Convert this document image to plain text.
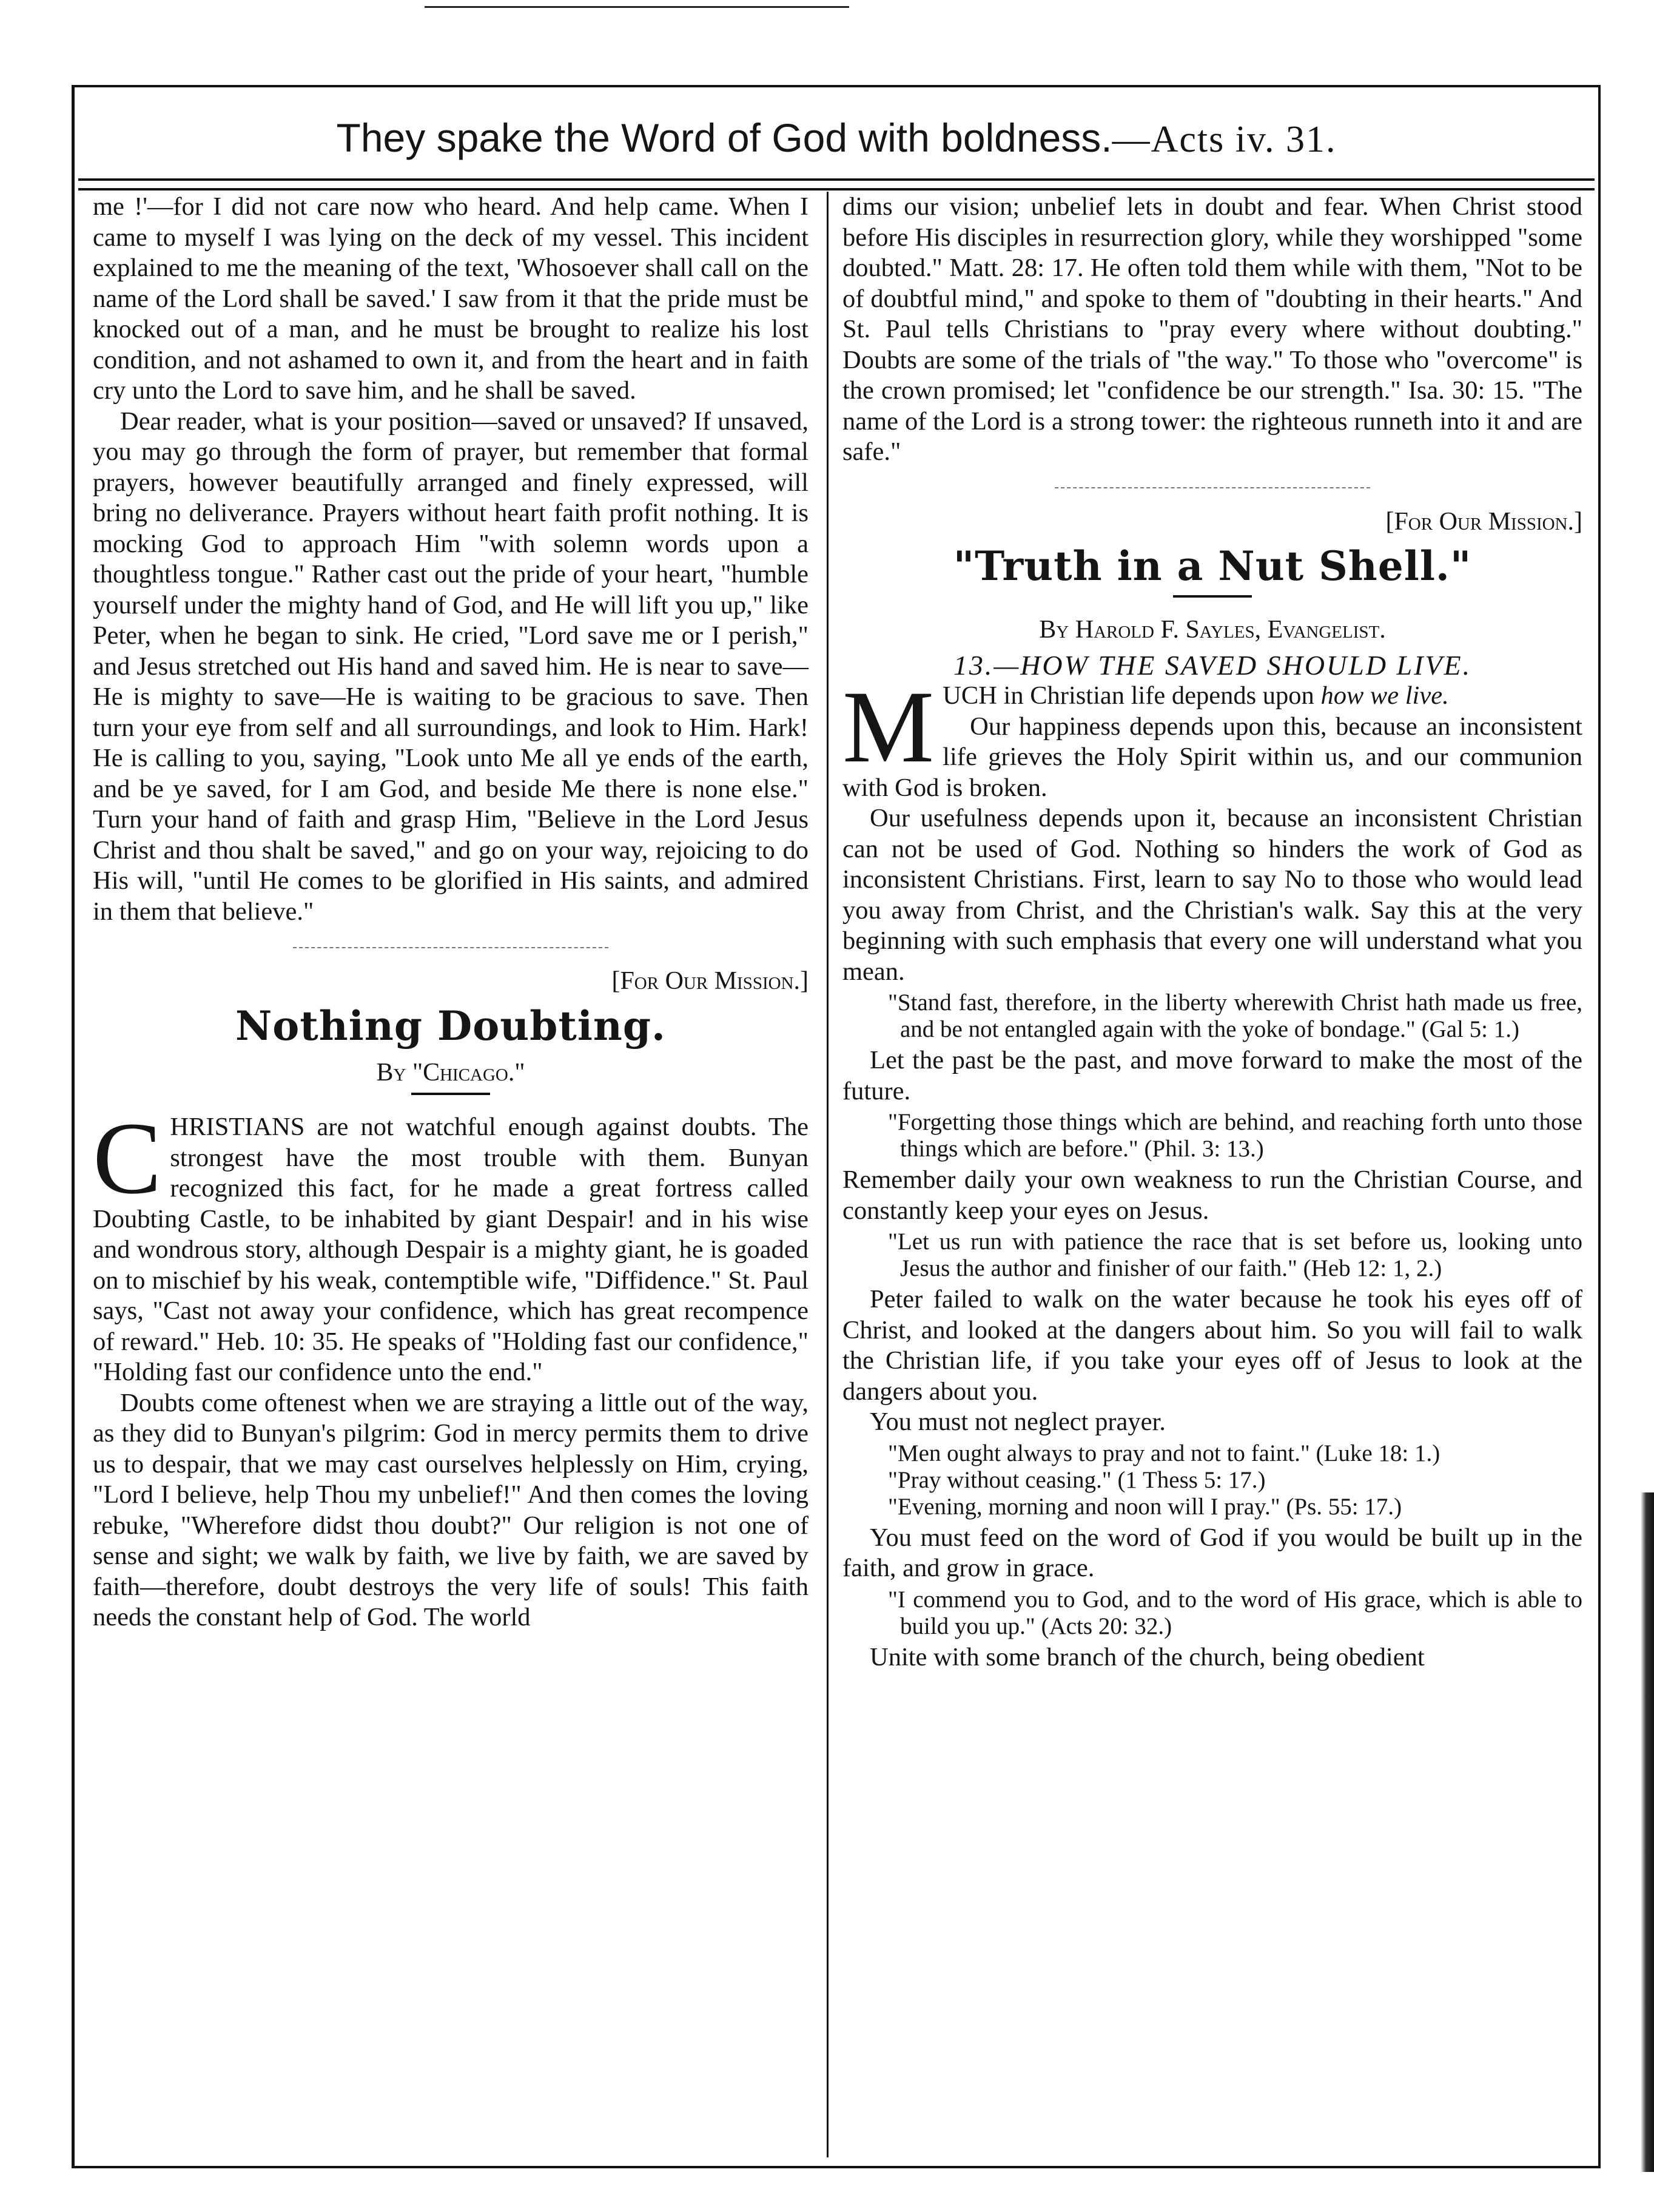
They spake the Word of God with boldness.—Acts iv. 31.

me !'—for I did not care now who heard. And help came. When I came to myself I was lying on the deck of my vessel. This incident explained to me the meaning of the text, 'Whosoever shall call on the name of the Lord shall be saved.' I saw from it that the pride must be knocked out of a man, and he must be brought to realize his lost condition, and not ashamed to own it, and from the heart and in faith cry unto the Lord to save him, and he shall be saved.

Dear reader, what is your position—saved or unsaved? If unsaved, you may go through the form of prayer, but remember that formal prayers, however beautifully arranged and finely expressed, will bring no deliverance. Prayers without heart faith profit nothing. It is mocking God to approach Him "with solemn words upon a thoughtless tongue." Rather cast out the pride of your heart, "humble yourself under the mighty hand of God, and He will lift you up," like Peter, when he began to sink. He cried, "Lord save me or I perish," and Jesus stretched out His hand and saved him. He is near to save—He is mighty to save—He is waiting to be gracious to save. Then turn your eye from self and all surroundings, and look to Him. Hark! He is calling to you, saying, "Look unto Me all ye ends of the earth, and be ye saved, for I am God, and beside Me there is none else." Turn your hand of faith and grasp Him, "Believe in the Lord Jesus Christ and thou shalt be saved," and go on your way, rejoicing to do His will, "until He comes to be glorified in His saints, and admired in them that believe."

[For Our Mission.]

Nothing Doubting.
By "Chicago."

CHRISTIANS are not watchful enough against doubts. The strongest have the most trouble with them. Bunyan recognized this fact, for he made a great fortress called Doubting Castle, to be inhabited by giant Despair! and in his wise and wondrous story, although Despair is a mighty giant, he is goaded on to mischief by his weak, contemptible wife, "Diffidence." St. Paul says, "Cast not away your confidence, which has great recompence of reward." Heb. 10: 35. He speaks of "Holding fast our confidence," "Holding fast our confidence unto the end."

Doubts come oftenest when we are straying a little out of the way, as they did to Bunyan's pilgrim: God in mercy permits them to drive us to despair, that we may cast ourselves helplessly on Him, crying, "Lord I believe, help Thou my unbelief!" And then comes the loving rebuke, "Wherefore didst thou doubt?" Our religion is not one of sense and sight; we walk by faith, we live by faith, we are saved by faith—therefore, doubt destroys the very life of souls! This faith needs the constant help of God. The world

dims our vision; unbelief lets in doubt and fear. When Christ stood before His disciples in resurrection glory, while they worshipped "some doubted." Matt. 28: 17. He often told them while with them, "Not to be of doubtful mind," and spoke to them of "doubting in their hearts." And St. Paul tells Christians to "pray every where without doubting." Doubts are some of the trials of "the way." To those who "overcome" is the crown promised; let "confidence be our strength." Isa. 30: 15. "The name of the Lord is a strong tower: the righteous runneth into it and are safe."

[For Our Mission.]

"Truth in a Nut Shell."
By Harold F. Sayles, Evangelist.
13.—HOW THE SAVED SHOULD LIVE.

MUCH in Christian life depends upon how we live.

Our happiness depends upon this, because an inconsistent life grieves the Holy Spirit within us, and our communion with God is broken.

Our usefulness depends upon it, because an inconsistent Christian can not be used of God. Nothing so hinders the work of God as inconsistent Christians. First, learn to say No to those who would lead you away from Christ, and the Christian's walk. Say this at the very beginning with such emphasis that every one will understand what you mean.

"Stand fast, therefore, in the liberty wherewith Christ hath made us free, and be not entangled again with the yoke of bondage." (Gal 5: 1.)

Let the past be the past, and move forward to make the most of the future.

"Forgetting those things which are behind, and reaching forth unto those things which are before." (Phil. 3: 13.)

Remember daily your own weakness to run the Christian Course, and constantly keep your eyes on Jesus.

"Let us run with patience the race that is set before us, looking unto Jesus the author and finisher of our faith." (Heb 12: 1, 2.)

Peter failed to walk on the water because he took his eyes off of Christ, and looked at the dangers about him. So you will fail to walk the Christian life, if you take your eyes off of Jesus to look at the dangers about you.

You must not neglect prayer.

"Men ought always to pray and not to faint." (Luke 18: 1.)

"Pray without ceasing." (1 Thess 5: 17.)

"Evening, morning and noon will I pray." (Ps. 55: 17.)

You must feed on the word of God if you would be built up in the faith, and grow in grace.

"I commend you to God, and to the word of His grace, which is able to build you up." (Acts 20: 32.)

Unite with some branch of the church, being obedient
